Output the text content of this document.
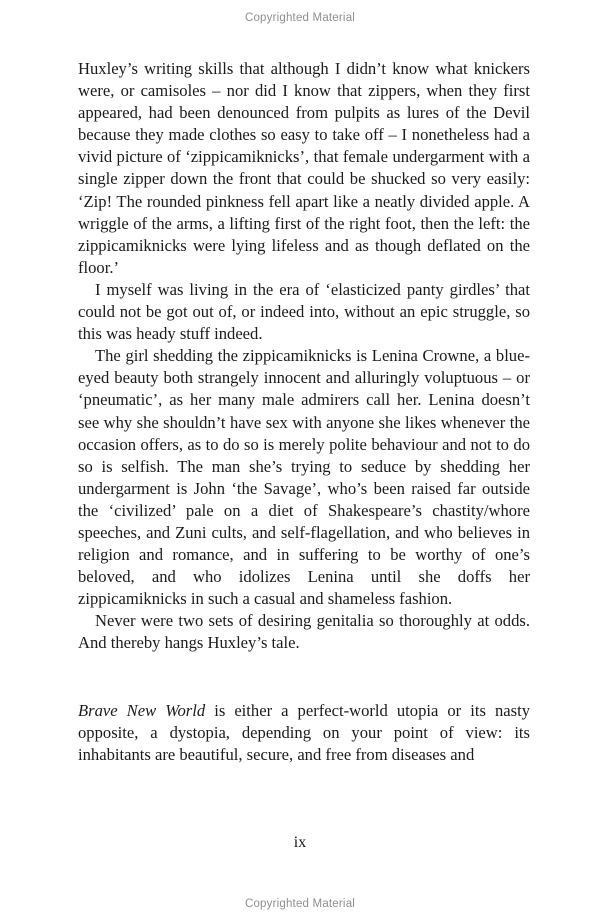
Copyrighted Material

Huxley’s writing skills that although I didn’t know what knickers were, or camisoles – nor did I know that zippers, when they first appeared, had been denounced from pulpits as lures of the Devil because they made clothes so easy to take off – I nonetheless had a vivid picture of ‘zippicamiknicks’, that female undergarment with a single zipper down the front that could be shucked so very easily: ‘Zip! The rounded pinkness fell apart like a neatly divided apple. A wriggle of the arms, a lifting first of the right foot, then the left: the zippicamiknicks were lying lifeless and as though deflated on the floor.’

I myself was living in the era of ‘elasticized panty girdles’ that could not be got out of, or indeed into, without an epic struggle, so this was heady stuff indeed.

The girl shedding the zippicamiknicks is Lenina Crowne, a blue-eyed beauty both strangely innocent and alluringly voluptuous – or ‘pneumatic’, as her many male admirers call her. Lenina doesn’t see why she shouldn’t have sex with anyone she likes whenever the occasion offers, as to do so is merely polite behaviour and not to do so is selfish. The man she’s trying to seduce by shedding her undergarment is John ‘the Savage’, who’s been raised far outside the ‘civilized’ pale on a diet of Shakespeare’s chastity/whore speeches, and Zuni cults, and self-flagellation, and who believes in religion and romance, and in suffering to be worthy of one’s beloved, and who idolizes Lenina until she doffs her zippicamiknicks in such a casual and shameless fashion.

Never were two sets of desiring genitalia so thoroughly at odds. And thereby hangs Huxley’s tale.

Brave New World is either a perfect-world utopia or its nasty opposite, a dystopia, depending on your point of view: its inhabitants are beautiful, secure, and free from diseases and

ix
Copyrighted Material
